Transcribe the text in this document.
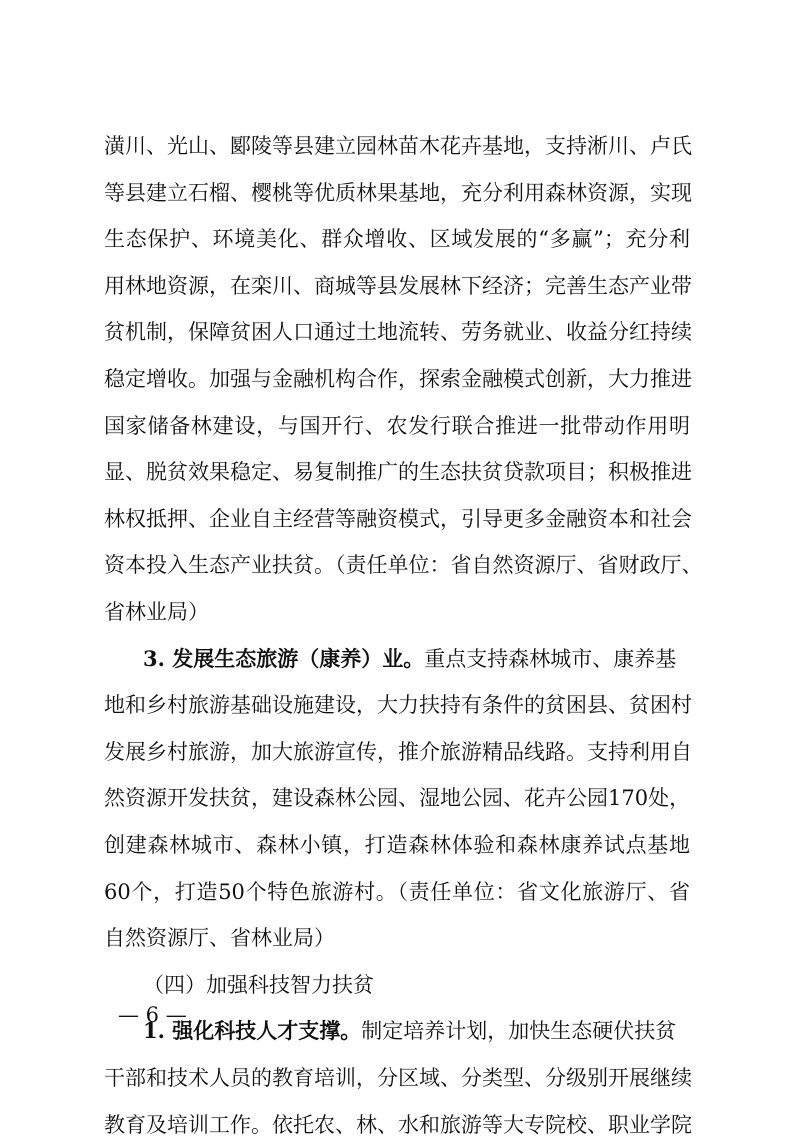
潢川、光山、郾陵等县建立园林苗木花卉基地，支持淅川、卢氏
等县建立石榴、樱桃等优质林果基地，充分利用森林资源，实现
生态保护、环境美化、群众增收、区域发展的“多赢”；充分利
用林地资源，在栾川、商城等县发展林下经济；完善生态产业带
贫机制，保障贫困人口通过土地流转、劳务就业、收益分红持续
稳定增收。加强与金融机构合作，探索金融模式创新，大力推进
国家储备林建设，与国开行、农发行联合推进一批带动作用明
显、脱贫效果稳定、易复制推广的生态扶贫贷款项目；积极推进
林权抵押、企业自主经营等融资模式，引导更多金融资本和社会
资本投入生态产业扶贫。（责任单位：省自然资源厅、省财政厅、
省林业局）
3. 发展生态旅游（康养）业。重点支持森林城市、康养基
地和乡村旅游基础设施建设，大力扶持有条件的贫困县、贫困村
发展乡村旅游，加大旅游宣传，推介旅游精品线路。支持利用自
然资源开发扶贫，建设森林公园、湿地公园、花卉公园170处，
创建森林城市、森林小镇，打造森林体验和森林康养试点基地
60个，打造50个特色旅游村。（责任单位：省文化旅游厅、省
自然资源厅、省林业局）
— 6 —
（四）加强科技智力扶贫
1. 强化科技人才支撑。制定培养计划，加快生态硬伏扶贫
干部和技术人员的教育培训，分区域、分类型、分级别开展继续
教育及培训工作。依托农、林、水和旅游等大专院校、职业学院
